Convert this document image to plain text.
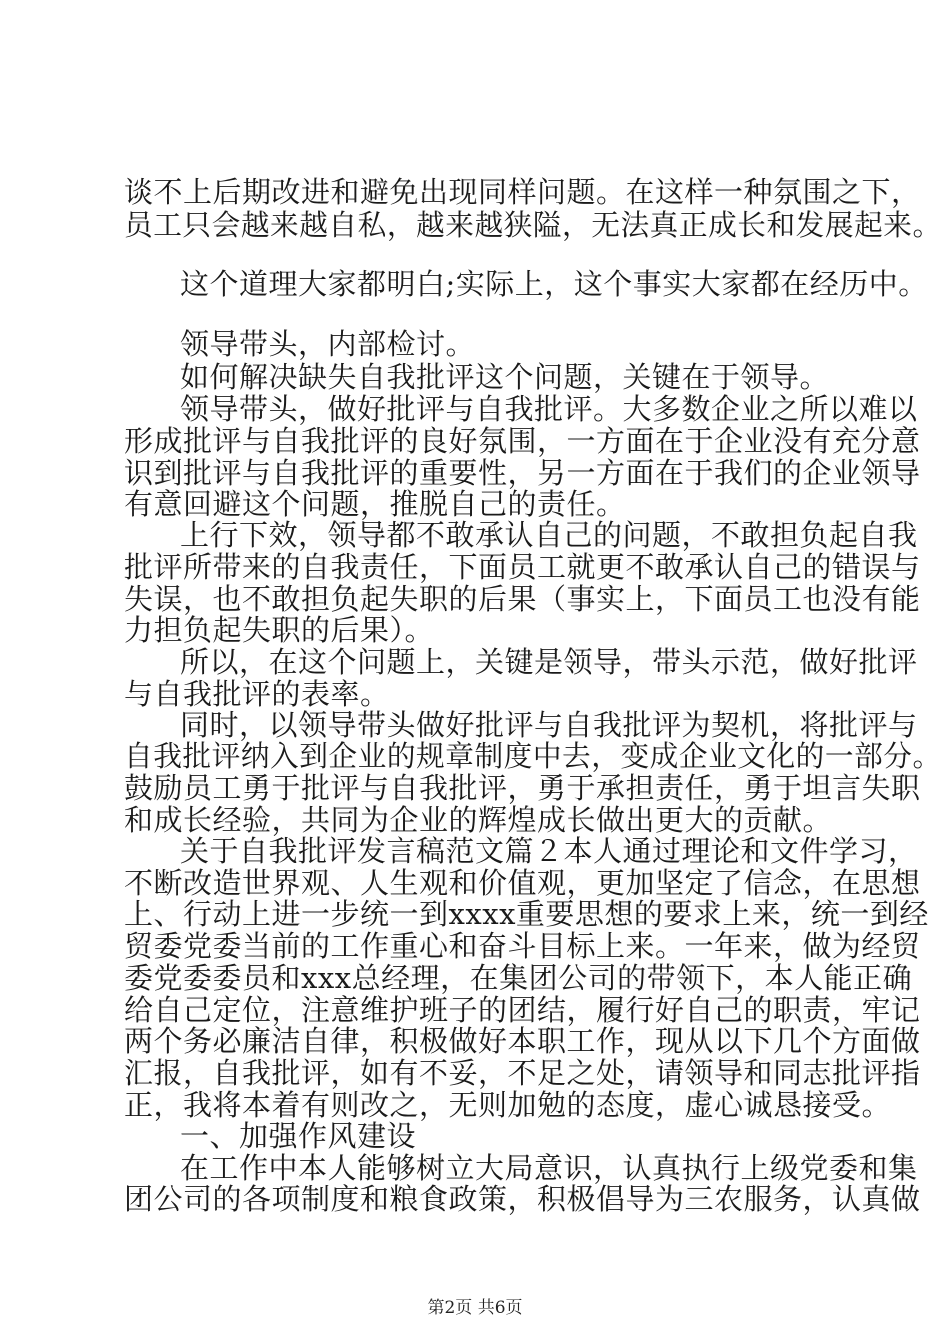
谈不上后期改进和避免出现同样问题。在这样一种氛围之下，
员工只会越来越自私，越来越狭隘，无法真正成长和发展起来。
这个道理大家都明白;实际上，这个事实大家都在经历中。
领导带头，内部检讨。
如何解决缺失自我批评这个问题，关键在于领导。
领导带头，做好批评与自我批评。大多数企业之所以难以
形成批评与自我批评的良好氛围，一方面在于企业没有充分意
识到批评与自我批评的重要性，另一方面在于我们的企业领导
有意回避这个问题，推脱自己的责任。
上行下效，领导都不敢承认自己的问题，不敢担负起自我
批评所带来的自我责任，下面员工就更不敢承认自己的错误与
失误，也不敢担负起失职的后果（事实上，下面员工也没有能
力担负起失职的后果）。
所以，在这个问题上，关键是领导，带头示范，做好批评
与自我批评的表率。
同时，以领导带头做好批评与自我批评为契机，将批评与
自我批评纳入到企业的规章制度中去，变成企业文化的一部分。
鼓励员工勇于批评与自我批评，勇于承担责任，勇于坦言失职
和成长经验，共同为企业的辉煌成长做出更大的贡献。
关于自我批评发言稿范文篇２本人通过理论和文件学习，
不断改造世界观、人生观和价值观，更加坚定了信念，在思想
上、行动上进一步统一到xxxx重要思想的要求上来，统一到经
贸委党委当前的工作重心和奋斗目标上来。一年来，做为经贸
委党委委员和xxx总经理，在集团公司的带领下，本人能正确
给自己定位，注意维护班子的团结，履行好自己的职责，牢记
两个务必廉洁自律，积极做好本职工作，现从以下几个方面做
汇报，自我批评，如有不妥，不足之处，请领导和同志批评指
正，我将本着有则改之，无则加勉的态度，虚心诚恳接受。
一、加强作风建设
在工作中本人能够树立大局意识，认真执行上级党委和集
团公司的各项制度和粮食政策，积极倡导为三农服务，认真做
第2页 共6页
